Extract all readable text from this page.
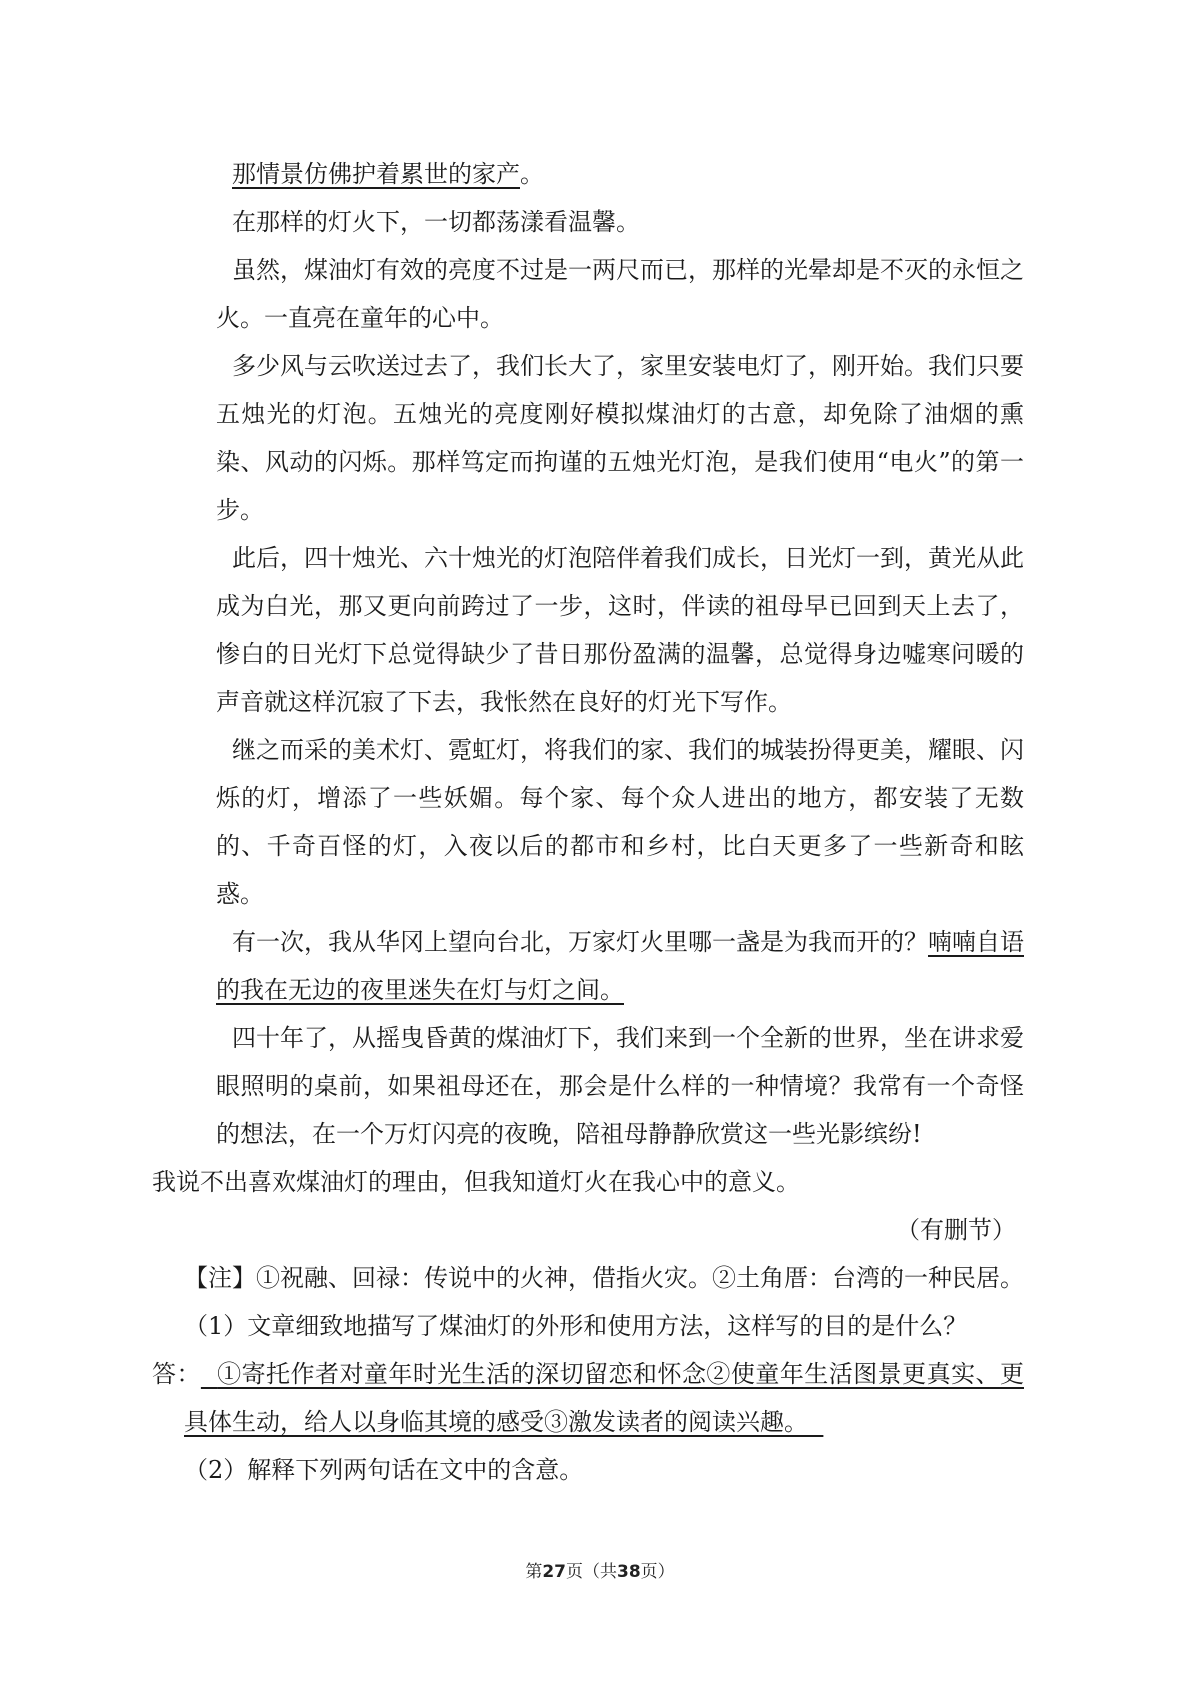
那情景仿佛护着累世的家产。

在那样的灯火下，一切都荡漾看温馨。

虽然，煤油灯有效的亮度不过是一两尺而已，那样的光晕却是不灭的永恒之火。一直亮在童年的心中。

多少风与云吹送过去了，我们长大了，家里安装电灯了，刚开始。我们只要五烛光的灯泡。五烛光的亮度刚好模拟煤油灯的古意，却免除了油烟的熏染、风动的闪烁。那样笃定而拘谨的五烛光灯泡，是我们使用“电火”的第一步。

此后，四十烛光、六十烛光的灯泡陪伴着我们成长，日光灯一到，黄光从此成为白光，那又更向前跨过了一步，这时，伴读的祖母早已回到天上去了，惨白的日光灯下总觉得缺少了昔日那份盈满的温馨，总觉得身边嘘寒问暖的声音就这样沉寂了下去，我怅然在良好的灯光下写作。

继之而采的美术灯、霓虹灯，将我们的家、我们的城装扮得更美，耀眼、闪烁的灯，增添了一些妖媚。每个家、每个众人进出的地方，都安装了无数的、千奇百怪的灯，入夜以后的都市和乡村，比白天更多了一些新奇和眩惑。

有一次，我从华冈上望向台北，万家灯火里哪一盏是为我而开的？喃喃自语的我在无边的夜里迷失在灯与灯之间。

四十年了，从摇曳昏黄的煤油灯下，我们来到一个全新的世界，坐在讲求爱眼照明的桌前，如果祖母还在，那会是什么样的一种情境？我常有一个奇怪的想法，在一个万灯闪亮的夜晚，陪祖母静静欣赏这一些光影缤纷!

我说不出喜欢煤油灯的理由，但我知道灯火在我心中的意义。

（有删节）

【注】①祝融、回禄：传说中的火神，借指火灾。②土角厝：台湾的一种民居。

（1）文章细致地描写了煤油灯的外形和使用方法，这样写的目的是什么？

答： ①寄托作者对童年时光生活的深切留恋和怀念②使童年生活图景更真实、更具体生动，给人以身临其境的感受③激发读者的阅读兴趣。

（2）解释下列两句话在文中的含意。

第27页（共38页）
